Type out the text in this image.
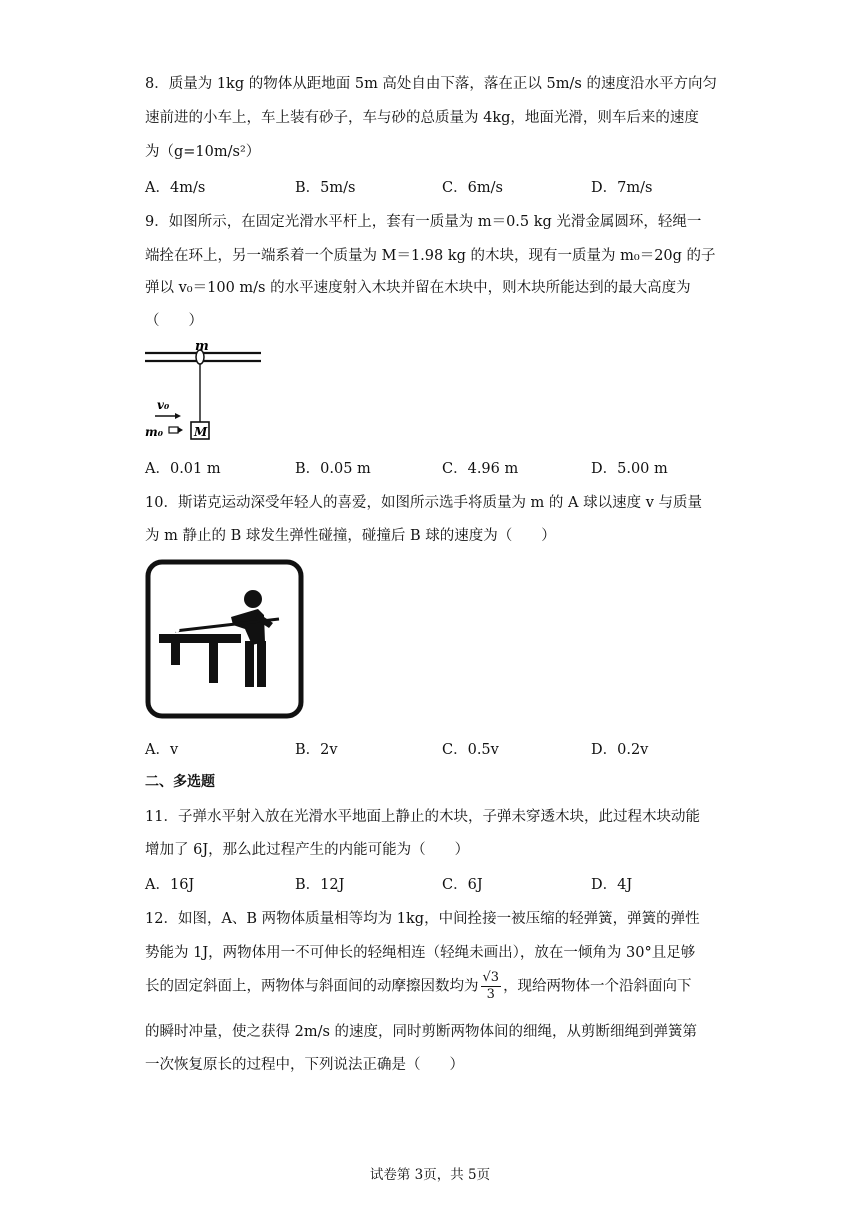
8．质量为 1kg 的物体从距地面 5m 高处自由下落，落在正以 5m/s 的速度沿水平方向匀
速前进的小车上，车上装有砂子，车与砂的总质量为 4kg，地面光滑，则车后来的速度
为（g=10m/s²）
A．4m/s	B．5m/s	C．6m/s	D．7m/s
9．如图所示，在固定光滑水平杆上，套有一质量为 m＝0.5 kg 光滑金属圆环，轻绳一
端拴在环上，另一端系着一个质量为 M＝1.98 kg 的木块，现有一质量为 m₀＝20g 的子
弹以 v₀＝100 m/s 的水平速度射入木块并留在木块中，则木块所能达到的最大高度为
（　　）
m
M
v₀
m₀
A．0.01 m	B．0.05 m	C．4.96 m	D．5.00 m
10．斯诺克运动深受年轻人的喜爱，如图所示选手将质量为 m 的 A 球以速度 v 与质量
为 m 静止的 B 球发生弹性碰撞，碰撞后 B 球的速度为（　　）
A．v	B．2v	C．0.5v	D．0.2v
二、多选题
11．子弹水平射入放在光滑水平地面上静止的木块，子弹未穿透木块，此过程木块动能
增加了 6J，那么此过程产生的内能可能为（　　）
A．16J	B．12J	C．6J	D．4J
12．如图，A、B 两物体质量相等均为 1kg，中间拴接一被压缩的轻弹簧，弹簧的弹性
势能为 1J，两物体用一不可伸长的轻绳相连（轻绳未画出），放在一倾角为 30°且足够
长的固定斜面上，两物体与斜面间的动摩擦因数均为 $\frac{√3}{3}$ ，现给两物体一个沿斜面向下
的瞬时冲量，使之获得 2m/s 的速度，同时剪断两物体间的细绳，从剪断细绳到弹簧第
一次恢复原长的过程中，下列说法正确是（　　）
试卷第 3页，共 5页
